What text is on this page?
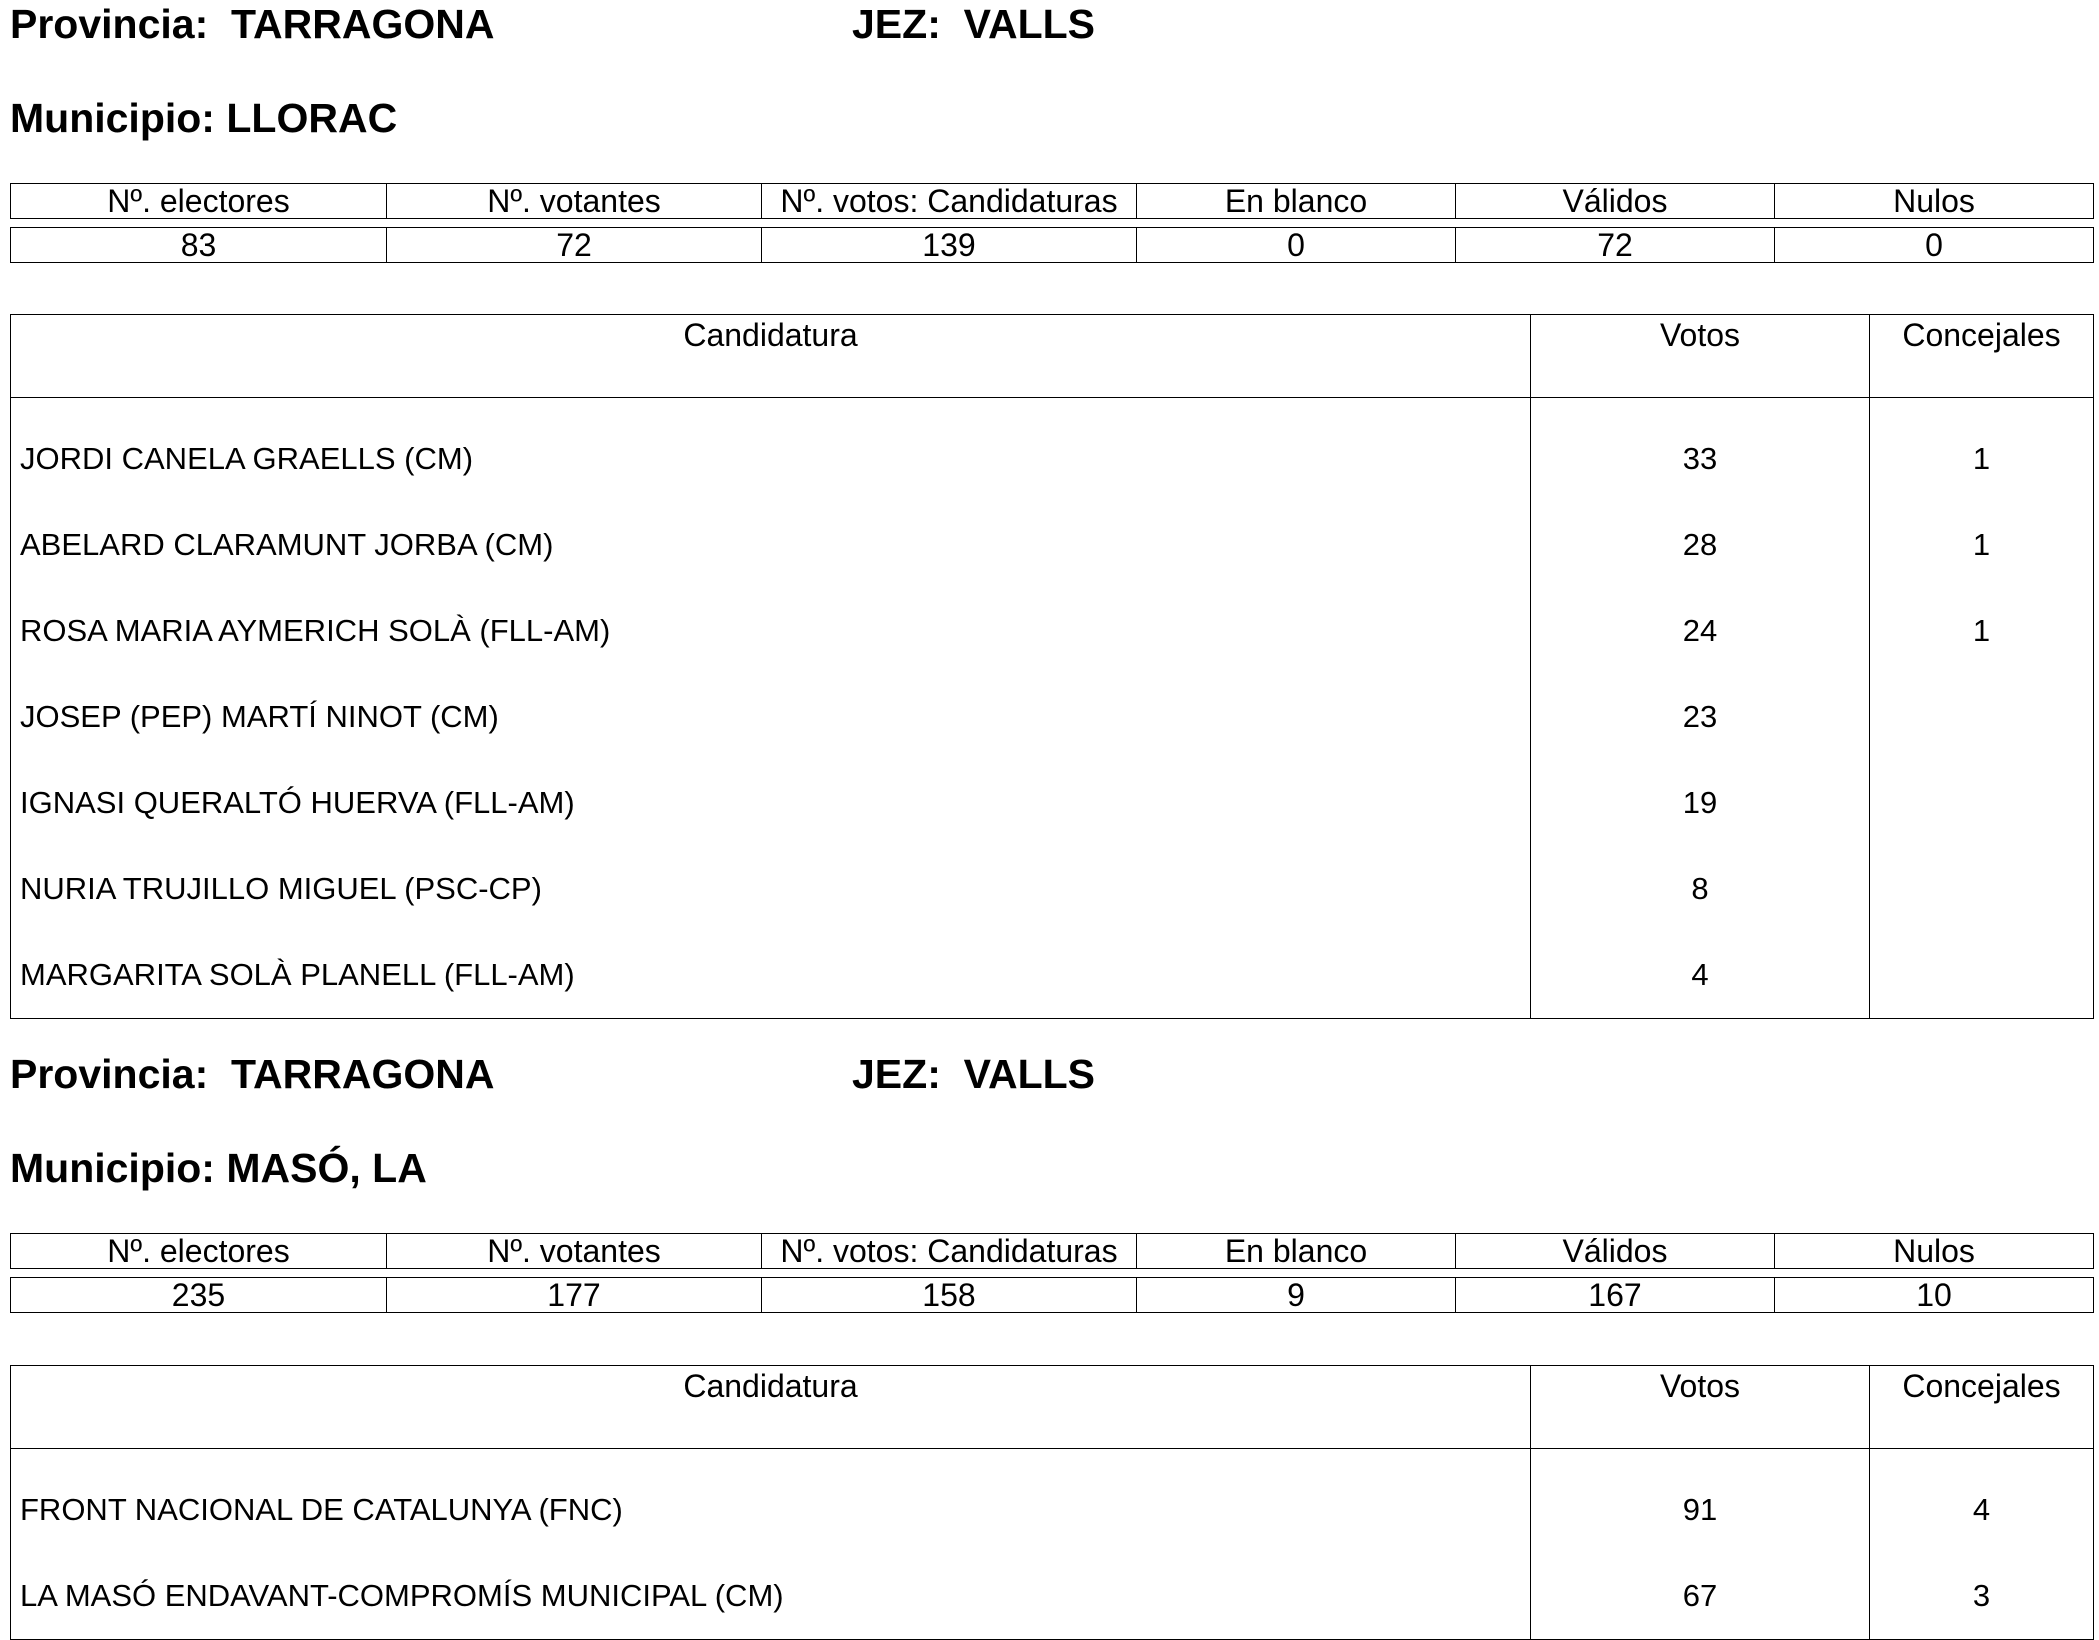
Provincia: TARRAGONA	JEZ: VALLS
Municipio: LLORAC
Nº. electores	Nº. votantes	Nº. votos: Candidaturas	En blanco	Válidos	Nulos
83	72	139	0	72	0
Candidatura	Votos	Concejales
JORDI CANELA GRAELLS (CM)	33	1
ABELARD CLARAMUNT JORBA (CM)	28	1
ROSA MARIA AYMERICH SOLÀ (FLL-AM)	24	1
JOSEP (PEP) MARTÍ NINOT (CM)	23	
IGNASI QUERALTÓ HUERVA (FLL-AM)	19	
NURIA TRUJILLO MIGUEL (PSC-CP)	8	
MARGARITA SOLÀ PLANELL (FLL-AM)	4	
Provincia: TARRAGONA	JEZ: VALLS
Municipio: MASÓ, LA
Nº. electores	Nº. votantes	Nº. votos: Candidaturas	En blanco	Válidos	Nulos
235	177	158	9	167	10
Candidatura	Votos	Concejales
FRONT NACIONAL DE CATALUNYA (FNC)	91	4
LA MASÓ ENDAVANT-COMPROMÍS MUNICIPAL (CM)	67	3
